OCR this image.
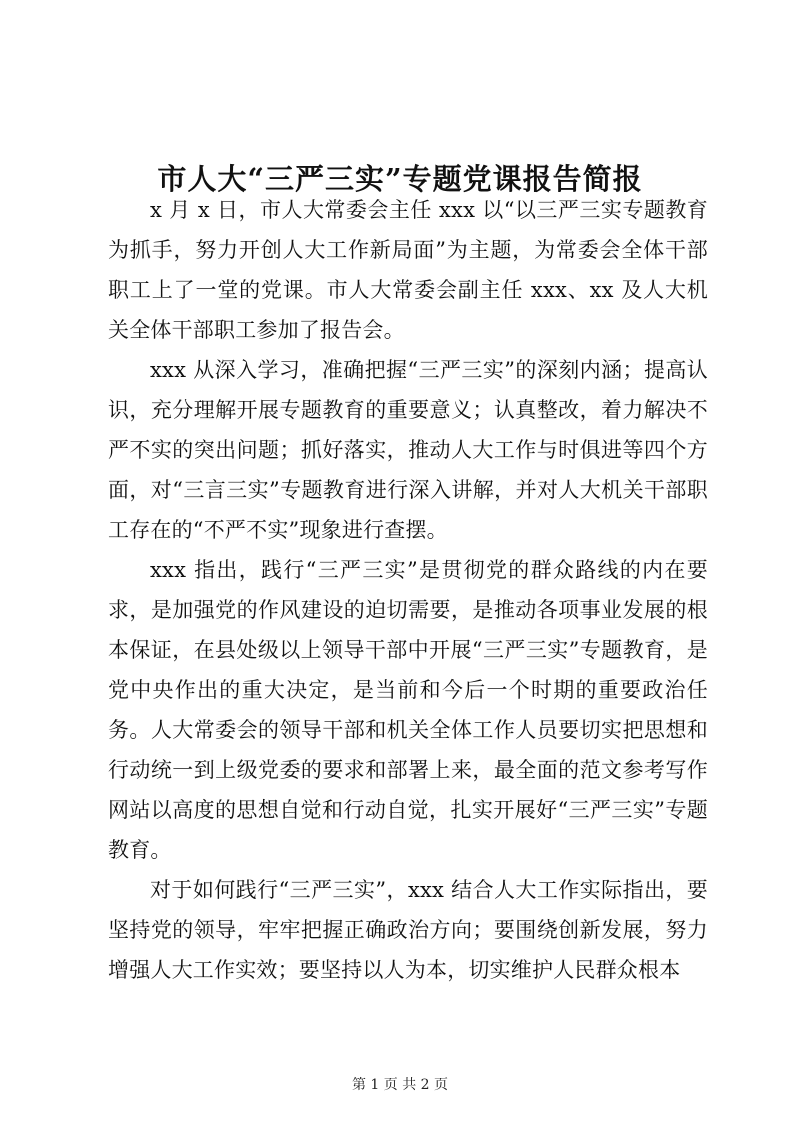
市人大“三严三实”专题党课报告简报

x 月 x 日，市人大常委会主任 xxx 以“以三严三实专题教育为抓手，努力开创人大工作新局面”为主题，为常委会全体干部职工上了一堂的党课。市人大常委会副主任 xxx、xx 及人大机关全体干部职工参加了报告会。

xxx 从深入学习，准确把握“三严三实”的深刻内涵；提高认识，充分理解开展专题教育的重要意义；认真整改，着力解决不严不实的突出问题；抓好落实，推动人大工作与时俱进等四个方面，对“三言三实”专题教育进行深入讲解，并对人大机关干部职工存在的“不严不实”现象进行查摆。

xxx 指出，践行“三严三实”是贯彻党的群众路线的内在要求，是加强党的作风建设的迫切需要，是推动各项事业发展的根本保证，在县处级以上领导干部中开展“三严三实”专题教育，是党中央作出的重大决定，是当前和今后一个时期的重要政治任务。人大常委会的领导干部和机关全体工作人员要切实把思想和行动统一到上级党委的要求和部署上来，最全面的范文参考写作网站以高度的思想自觉和行动自觉，扎实开展好“三严三实”专题教育。

对于如何践行“三严三实”，xxx 结合人大工作实际指出，要坚持党的领导，牢牢把握正确政治方向；要围绕创新发展，努力增强人大工作实效；要坚持以人为本，切实维护人民群众根本

第 1 页 共 2 页
